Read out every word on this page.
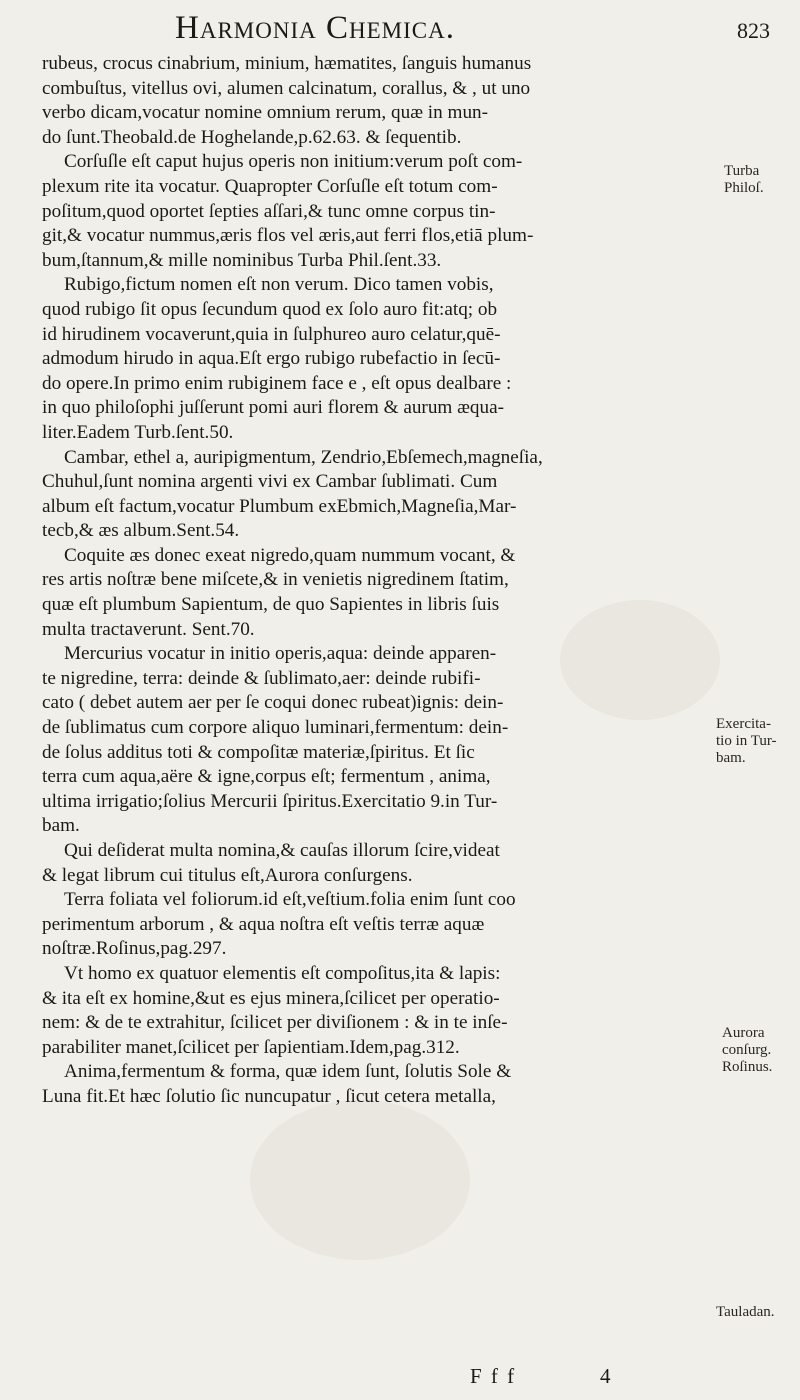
Harmonia Chemica.	823
rubeus, crocus cinabrium, minium, hæmatites, ſanguis humanus
combuſtus, vitellus ovi, alumen calcinatum, corallus, & , ut uno
verbo dicam,vocatur nomine omnium rerum, quæ in mun-
do ſunt.Theobald.de Hoghelande,p.62.63. & ſequentib.
Corſuſle eſt caput hujus operis non initium:verum poſt com-
plexum rite ita vocatur. Quapropter Corſuſle eſt totum com-
poſitum,quod oportet ſepties aſſari,& tunc omne corpus tin-
git,& vocatur nummus,æris flos vel æris,aut ferri flos,etiā plum-
bum,ſtannum,& mille nominibus Turba Phil.ſent.33.
Rubigo,fictum nomen eſt non verum. Dico tamen vobis,
quod rubigo ſit opus ſecundum quod ex ſolo auro fit:atq; ob
id hirudinem vocaverunt,quia in ſulphureo auro celatur,quē-
admodum hirudo in aqua.Eſt ergo rubigo rubefactio in ſecū-
do opere.In primo enim rubiginem face e , eſt opus dealbare :
in quo philoſophi juſſerunt pomi auri florem & aurum æqua-
liter.Eadem Turb.ſent.50.
Cambar, ethel a, auripigmentum, Zendrio,Ebſemech,magneſia,
Chuhul,ſunt nomina argenti vivi ex Cambar ſublimati. Cum
album eſt factum,vocatur Plumbum exEbmich,Magneſia,Mar-
tecb,& æs album.Sent.54.
Coquite æs donec exeat nigredo,quam nummum vocant, &
res artis noſtræ bene miſcete,& in venietis nigredinem ſtatim,
quæ eſt plumbum Sapientum, de quo Sapientes in libris ſuis
multa tractaverunt. Sent.70.
Mercurius vocatur in initio operis,aqua: deinde apparen-
te nigredine, terra: deinde & ſublimato,aer: deinde rubifi-
cato ( debet autem aer per ſe coqui donec rubeat)ignis: dein-
de ſublimatus cum corpore aliquo luminari,fermentum: dein-
de ſolus additus toti & compoſitæ materiæ,ſpiritus. Et ſic
terra cum aqua,aëre & igne,corpus eſt; fermentum , anima,
ultima irrigatio;ſolius Mercurii ſpiritus.Exercitatio 9.in Tur-
bam.
Qui deſiderat multa nomina,& cauſas illorum ſcire,videat
& legat librum cui titulus eſt,Aurora conſurgens.
Terra foliata vel foliorum.id eſt,veſtium.folia enim ſunt coo
perimentum arborum , & aqua noſtra eſt veſtis terræ aquæ
noſtræ.Roſinus,pag.297.
Vt homo ex quatuor elementis eſt compoſitus,ita & lapis:
& ita eſt ex homine,&ut es ejus minera,ſcilicet per operatio-
nem: & de te extrahitur, ſcilicet per diviſionem : & in te inſe-
parabiliter manet,ſcilicet per ſapientiam.Idem,pag.312.
Anima,fermentum & forma, quæ idem ſunt, ſolutis Sole &
Luna fit.Et hæc ſolutio ſic nuncupatur , ſicut cetera metalla,
Turba
Philoſ.
Exercita-
tio in Tur-
bam.
Aurora
conſurg.
Roſinus.
Tauladan.
F f f	4
